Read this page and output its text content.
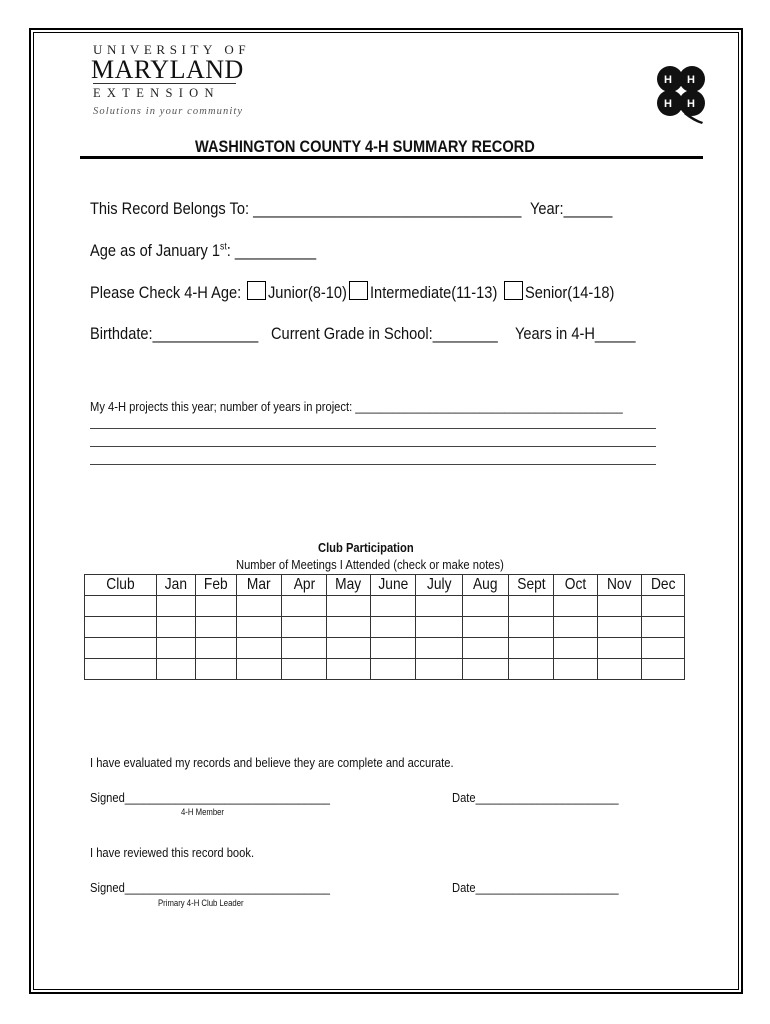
UNIVERSITY OF
MARYLAND
EXTENSION
Solutions in your community
H H
H H
WASHINGTON COUNTY 4-H SUMMARY RECORD
This Record Belongs To: _________________________________ Year:______
Age as of January 1st: __________
Please Check 4-H Age: Junior(8-10) Intermediate(11-13) Senior(14-18)
Birthdate:_____________ Current Grade in School:________ Years in 4-H_____
My 4-H projects this year; number of years in project: ___________________________________________
Club Participation
Number of Meetings I Attended (check or make notes)
Club	Jan	Feb	Mar	Apr	May	June	July	Aug	Sept	Oct	Nov	Dec

I have evaluated my records and believe they are complete and accurate.
Signed_________________________________	Date_______________________
4-H Member
I have reviewed this record book.
Signed_________________________________	Date_______________________
Primary 4-H Club Leader
